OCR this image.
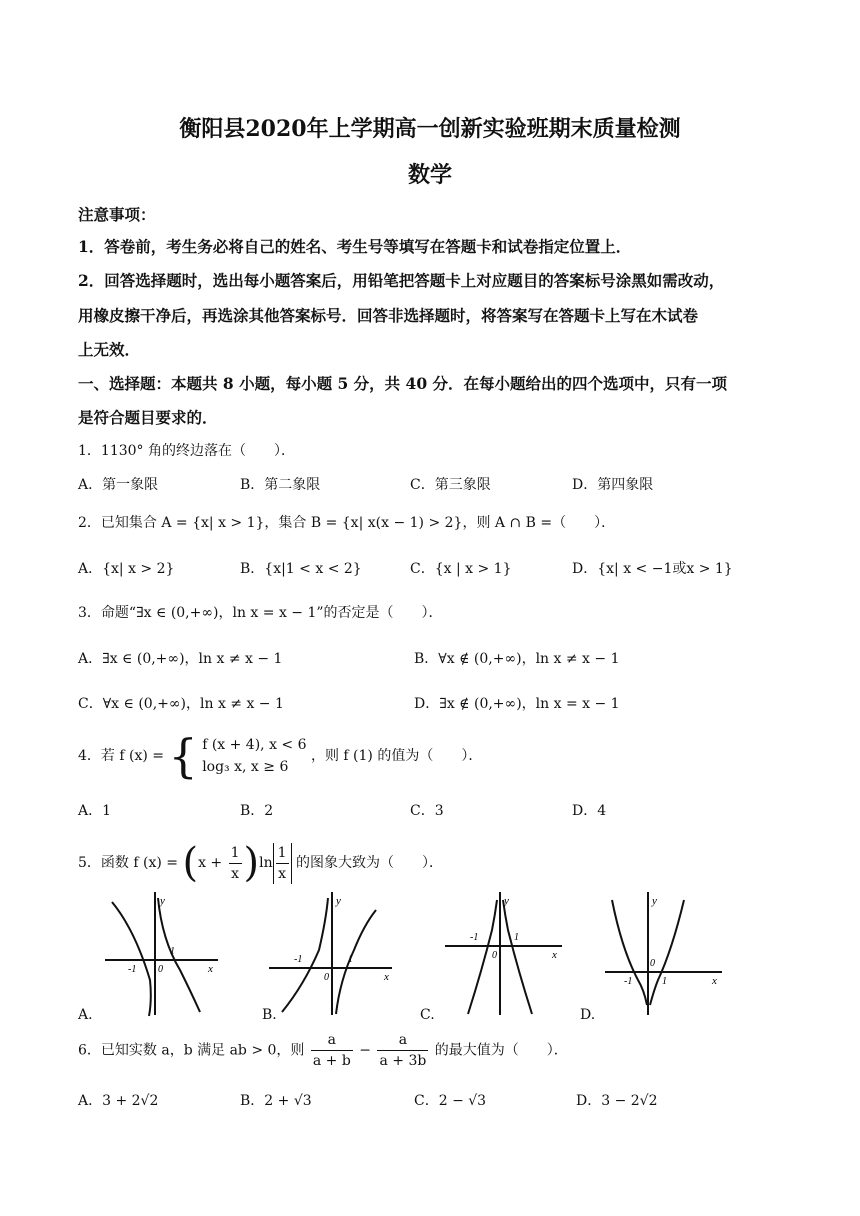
衡阳县2020年上学期高一创新实验班期末质量检测
数学
注意事项：
1．答卷前，考生务必将自己的姓名、考生号等填写在答题卡和试卷指定位置上．
2．回答选择题时，选出每小题答案后，用铅笔把答题卡上对应题目的答案标号涂黑如需改动，
用橡皮擦干净后，再选涂其他答案标号．回答非选择题时，将答案写在答题卡上写在木试卷
上无效．
一、选择题：本题共 8 小题，每小题 5 分，共 40 分．在每小题给出的四个选项中，只有一项
是符合题目要求的．
1．1130° 角的终边落在（　　）．
A．第一象限	B．第二象限	C．第三象限	D．第四象限
2．已知集合 A = {x| x > 1}，集合 B = {x| x(x − 1) > 2}，则 A ∩ B =（　　）．
A．{x| x > 2}	B．{x|1 < x < 2}	C．{x | x > 1}	D．{x| x < −1或x > 1}
3．命题“∃x ∈ (0,+∞)，ln x = x − 1”的否定是（　　）．
A．∃x ∈ (0,+∞)，ln x ≠ x − 1	B．∀x ∉ (0,+∞)，ln x ≠ x − 1
C．∀x ∈ (0,+∞)，ln x ≠ x − 1	D．∃x ∉ (0,+∞)，ln x = x − 1
4．若 f (x) = { f (x + 4), x < 6
log₃ x, x ≥ 6
，则 f (1) 的值为（　　）．
A．1	B．2	C．3	D．4
5．函数 f $(x) = (x + \frac{1}{x} )\ln \frac{1}{x}$ 的图象大致为（　　）．
y
x
-1
1
0
y
x
-1	1
0
y
x
-1	1
0
y
x
-1	1
0
A.	B.	C.	D.
6．已知实数 a，b 满足 ab > 0，则 $\frac{a}{a + b} - \frac{a}{a + 3b}$ 的最大值为（　　）．
A．3 + 2√2	B．2 + √3	C．2 − √3	D．3 − 2√2
